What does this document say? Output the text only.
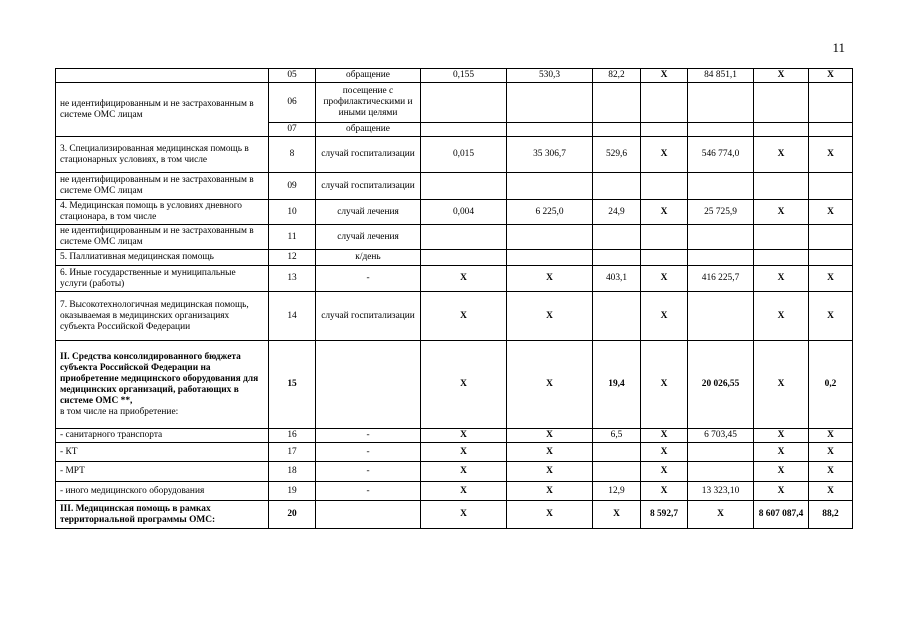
11
	05	обращение	0,155	530,3	82,2	X	84 851,1	X	X
не идентифицированным и не застрахованным в системе ОМС лицам	06	посещение с профилактическими и иными целями							
	07	обращение							
3. Специализированная медицинская помощь в стационарных условиях, в том числе	8	случай госпитализации	0,015	35 306,7	529,6	X	546 774,0	X	X
не идентифицированным и не застрахованным в системе ОМС лицам	09	случай госпитализации							
4. Медицинская помощь в условиях дневного стационара, в том числе	10	случай лечения	0,004	6 225,0	24,9	X	25 725,9	X	X
не идентифицированным и не застрахованным в системе ОМС лицам	11	случай лечения							
5. Паллиативная медицинская помощь	12	к/день							
6. Иные государственные и муниципальные услуги (работы)	13	-	X	X	403,1	X	416 225,7	X	X
7. Высокотехнологичная медицинская помощь, оказываемая в медицинских организациях субъекта Российской Федерации	14	случай госпитализации	X	X		X		X	X
II. Средства консолидированного бюджета субъекта Российской Федерации на приобретение медицинского оборудования для медицинских организаций, работающих в системе ОМС **,
в том числе на приобретение:	15		X	X	19,4	X	20 026,55	X	0,2
- санитарного транспорта	16	-	X	X	6,5	X	6 703,45	X	X
- КТ	17	-	X	X		X		X	X
- МРТ	18	-	X	X		X		X	X
- иного медицинского оборудования	19	-	X	X	12,9	X	13 323,10	X	X
III. Медицинская помощь в рамках территориальной программы ОМС:	20		X	X	X	8 592,7	X	8 607 087,4	88,2
